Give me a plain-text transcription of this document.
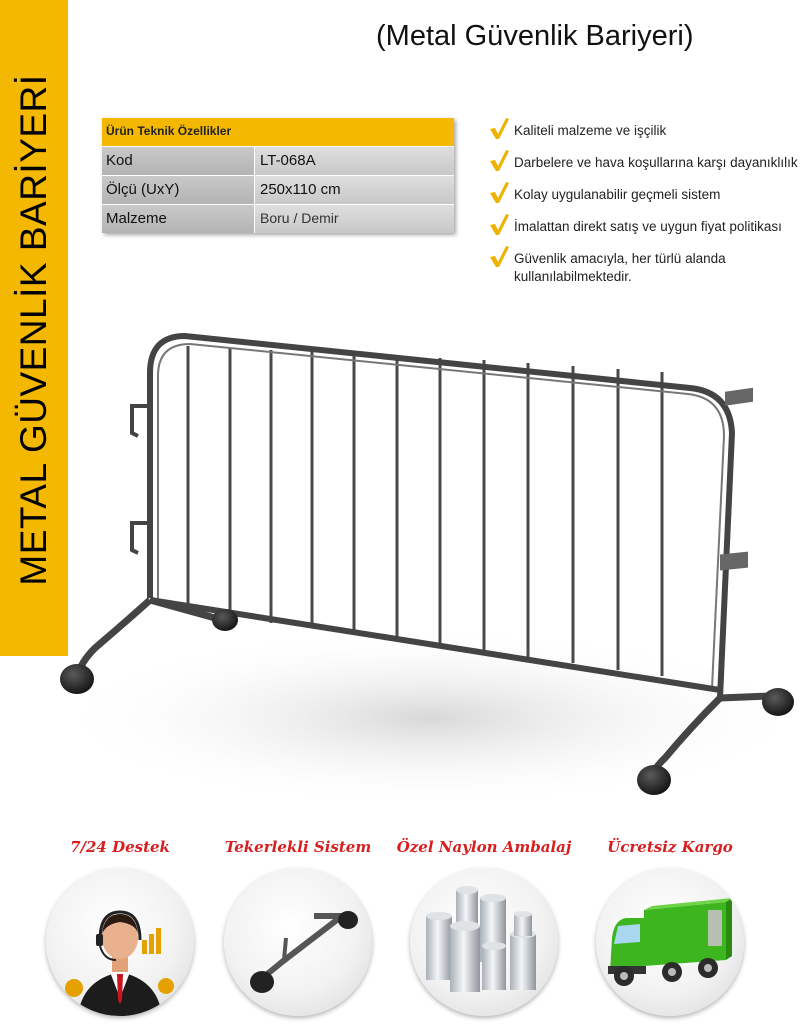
METAL GÜVENLİK BARİYERİ
(Metal Güvenlik Bariyeri)
Ürün Teknik Özellikler
Kod	LT-068A
Ölçü (UxY)	250x110 cm
Malzeme	Boru / Demir
Kaliteli malzeme ve işçilik
Darbelere ve hava koşullarına karşı dayanıklılık
Kolay uygulanabilir geçmeli sistem
İmalattan direkt satış ve uygun fiyat politikası
Güvenlik amacıyla, her türlü alanda kullanılabilmektedir.
7/24 Destek	Tekerlekli Sistem	Özel Naylon Ambalaj	Ücretsiz Kargo
